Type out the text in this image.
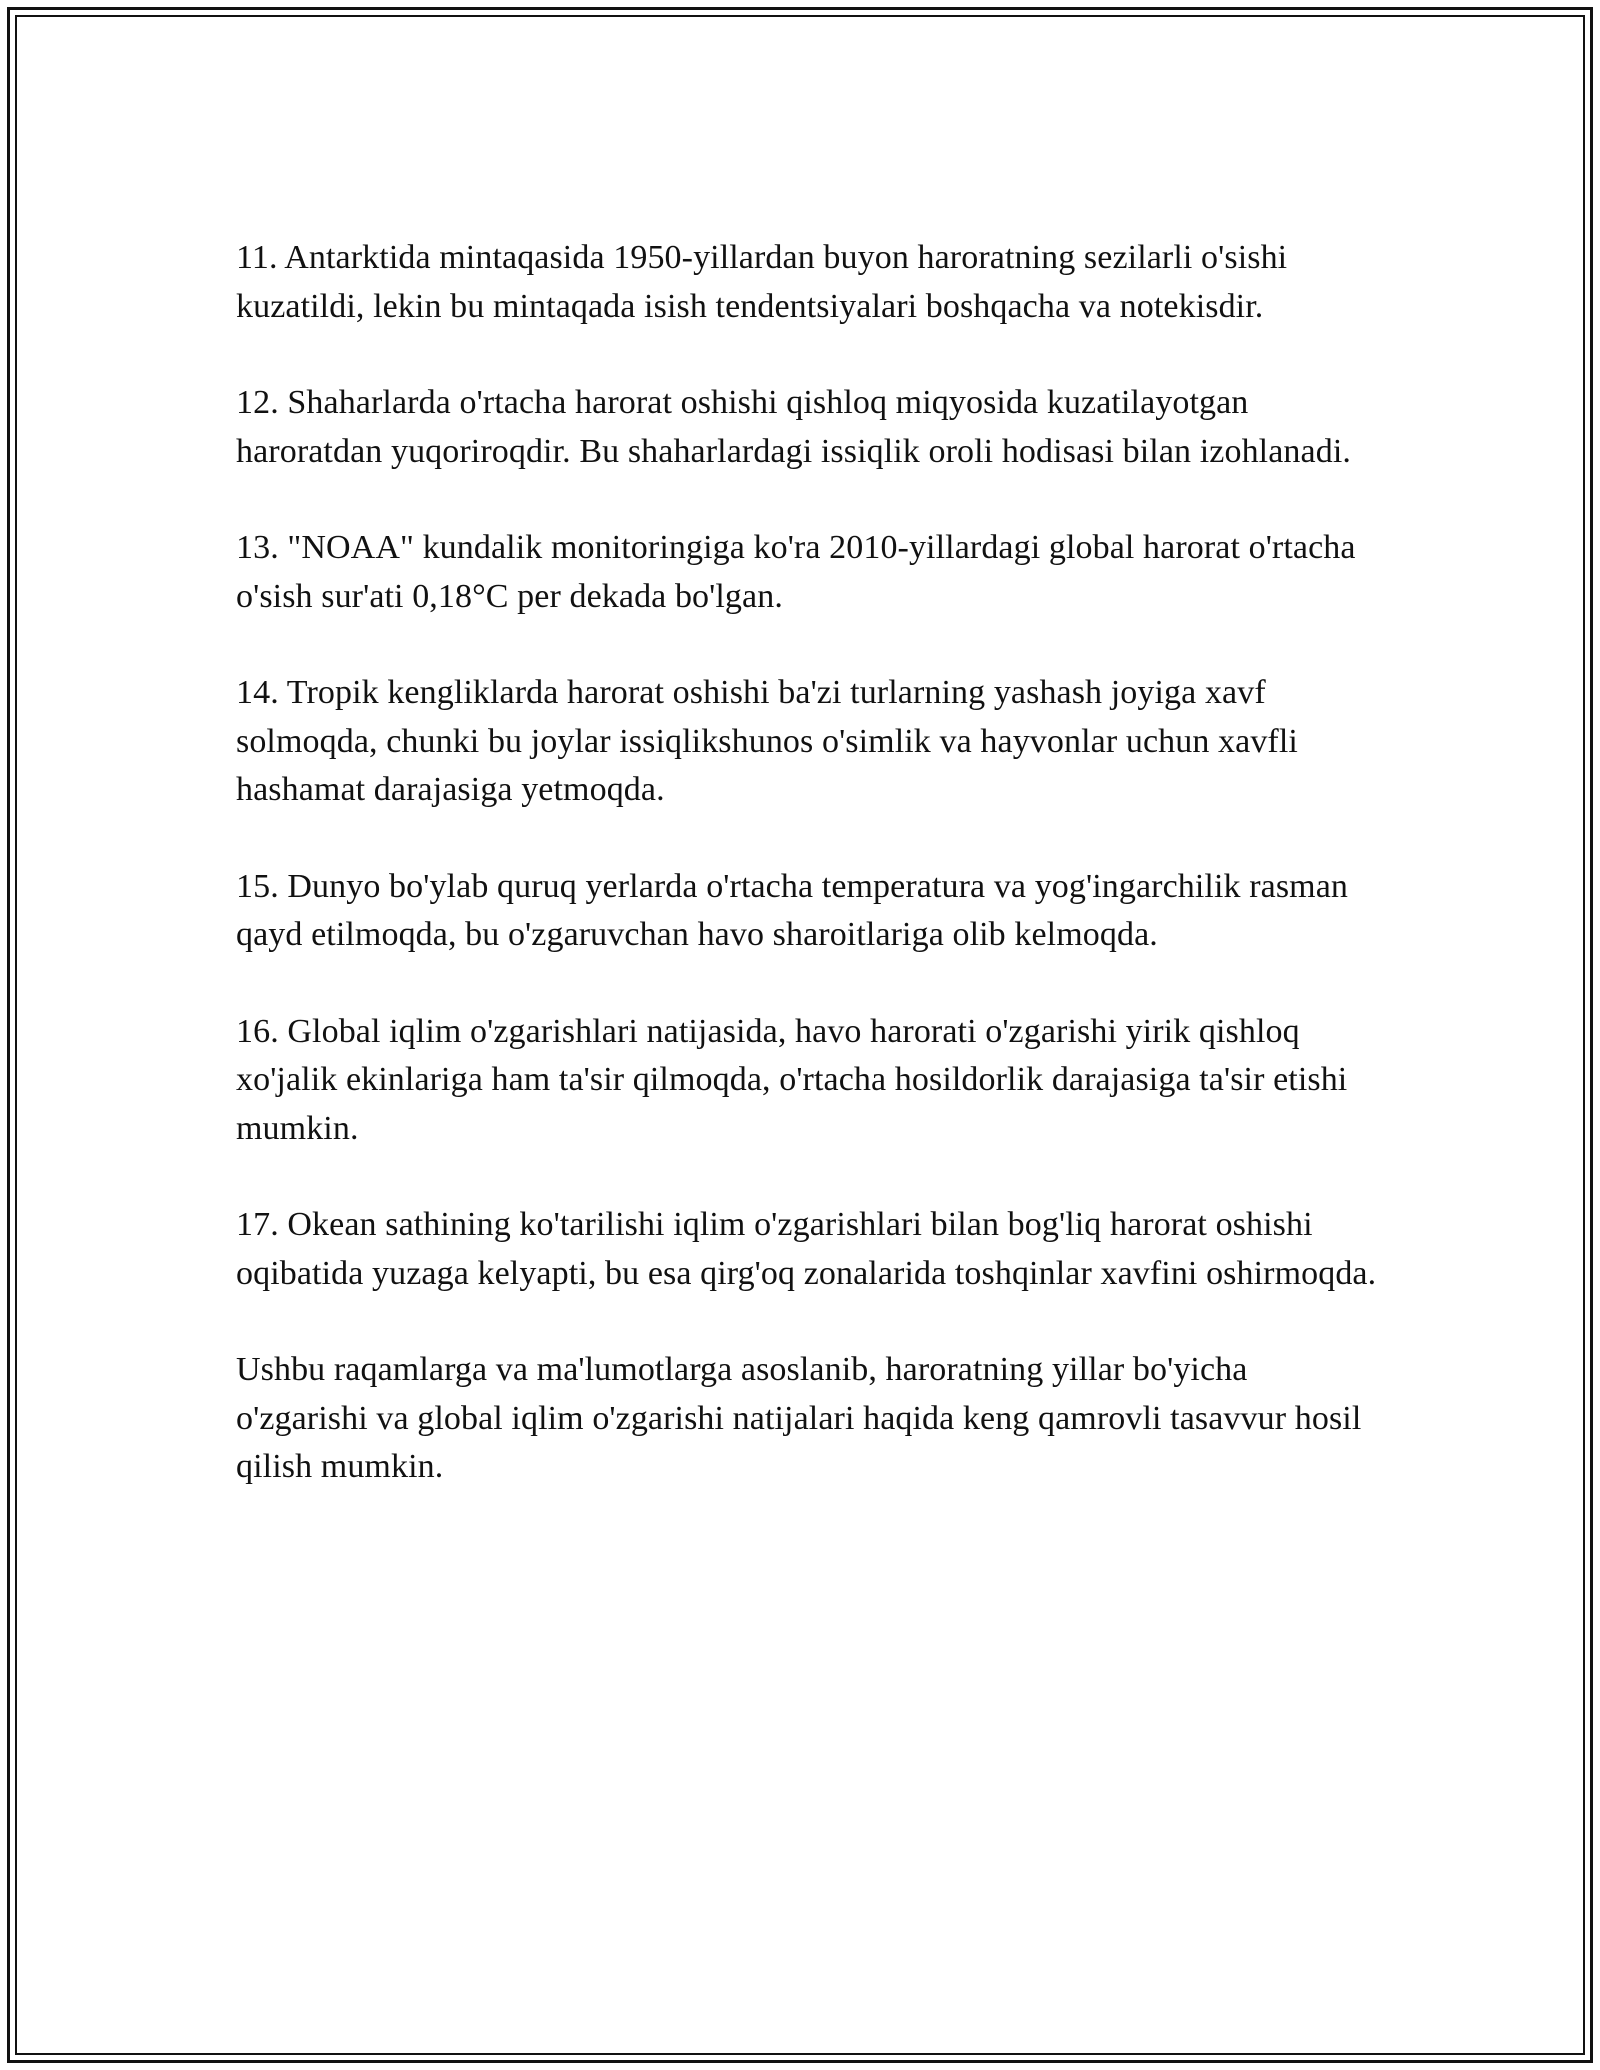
11. Antarktida mintaqasida 1950-yillardan buyon haroratning sezilarli o'sishi kuzatildi, lekin bu mintaqada isish tendentsiyalari boshqacha va notekisdir.

12. Shaharlarda o'rtacha harorat oshishi qishloq miqyosida kuzatilayotgan haroratdan yuqoriroqdir. Bu shaharlardagi issiqlik oroli hodisasi bilan izohlanadi.

13. "NOAA" kundalik monitoringiga ko'ra 2010-yillardagi global harorat o'rtacha o'sish sur'ati 0,18°C per dekada bo'lgan.

14. Tropik kengliklarda harorat oshishi ba'zi turlarning yashash joyiga xavf solmoqda, chunki bu joylar issiqlikshunos o'simlik va hayvonlar uchun xavfli hashamat darajasiga yetmoqda.

15. Dunyo bo'ylab quruq yerlarda o'rtacha temperatura va yog'ingarchilik rasman qayd etilmoqda, bu o'zgaruvchan havo sharoitlariga olib kelmoqda.

16. Global iqlim o'zgarishlari natijasida, havo harorati o'zgarishi yirik qishloq xo'jalik ekinlariga ham ta'sir qilmoqda, o'rtacha hosildorlik darajasiga ta'sir etishi mumkin.

17. Okean sathining ko'tarilishi iqlim o'zgarishlari bilan bog'liq harorat oshishi oqibatida yuzaga kelyapti, bu esa qirg'oq zonalarida toshqinlar xavfini oshirmoqda.

Ushbu raqamlarga va ma'lumotlarga asoslanib, haroratning yillar bo'yicha o'zgarishi va global iqlim o'zgarishi natijalari haqida keng qamrovli tasavvur hosil qilish mumkin.
